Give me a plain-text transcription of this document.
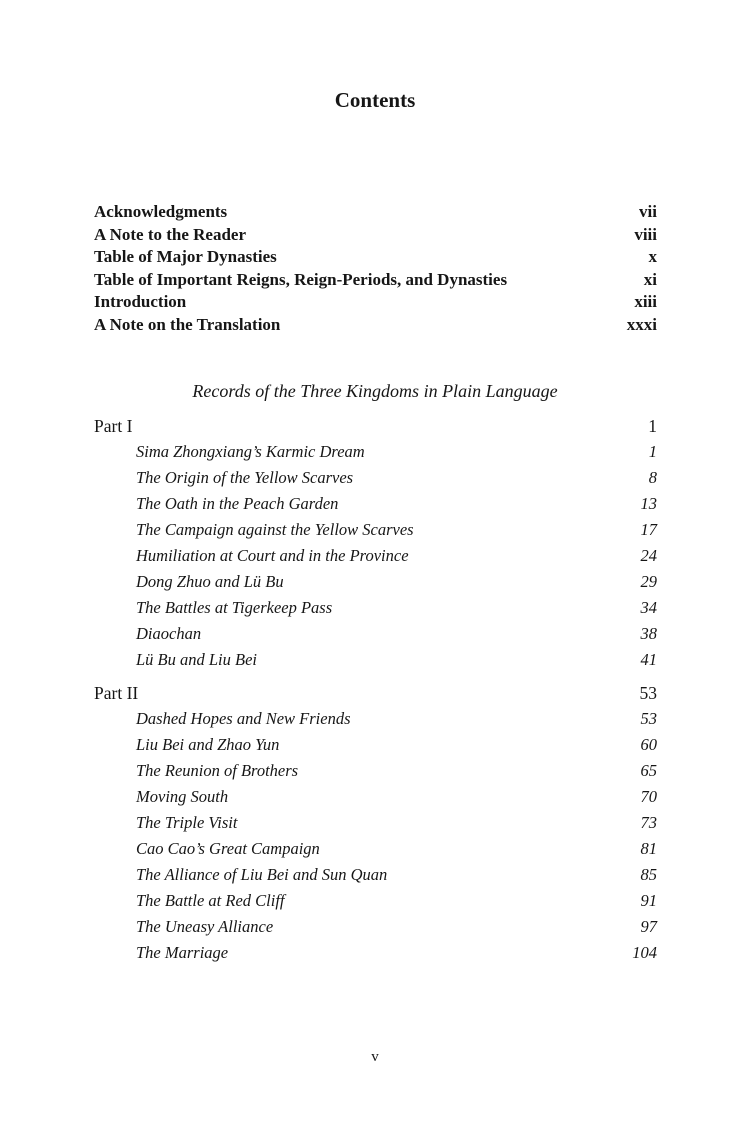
Contents
Acknowledgments	vii
A Note to the Reader	viii
Table of Major Dynasties	x
Table of Important Reigns, Reign-Periods, and Dynasties	xi
Introduction	xiii
A Note on the Translation	xxxi
Records of the Three Kingdoms in Plain Language
Part I	1
Sima Zhongxiang’s Karmic Dream	1
The Origin of the Yellow Scarves	8
The Oath in the Peach Garden	13
The Campaign against the Yellow Scarves	17
Humiliation at Court and in the Province	24
Dong Zhuo and Lü Bu	29
The Battles at Tigerkeep Pass	34
Diaochan	38
Lü Bu and Liu Bei	41
Part II	53
Dashed Hopes and New Friends	53
Liu Bei and Zhao Yun	60
The Reunion of Brothers	65
Moving South	70
The Triple Visit	73
Cao Cao’s Great Campaign	81
The Alliance of Liu Bei and Sun Quan	85
The Battle at Red Cliff	91
The Uneasy Alliance	97
The Marriage	104
v
